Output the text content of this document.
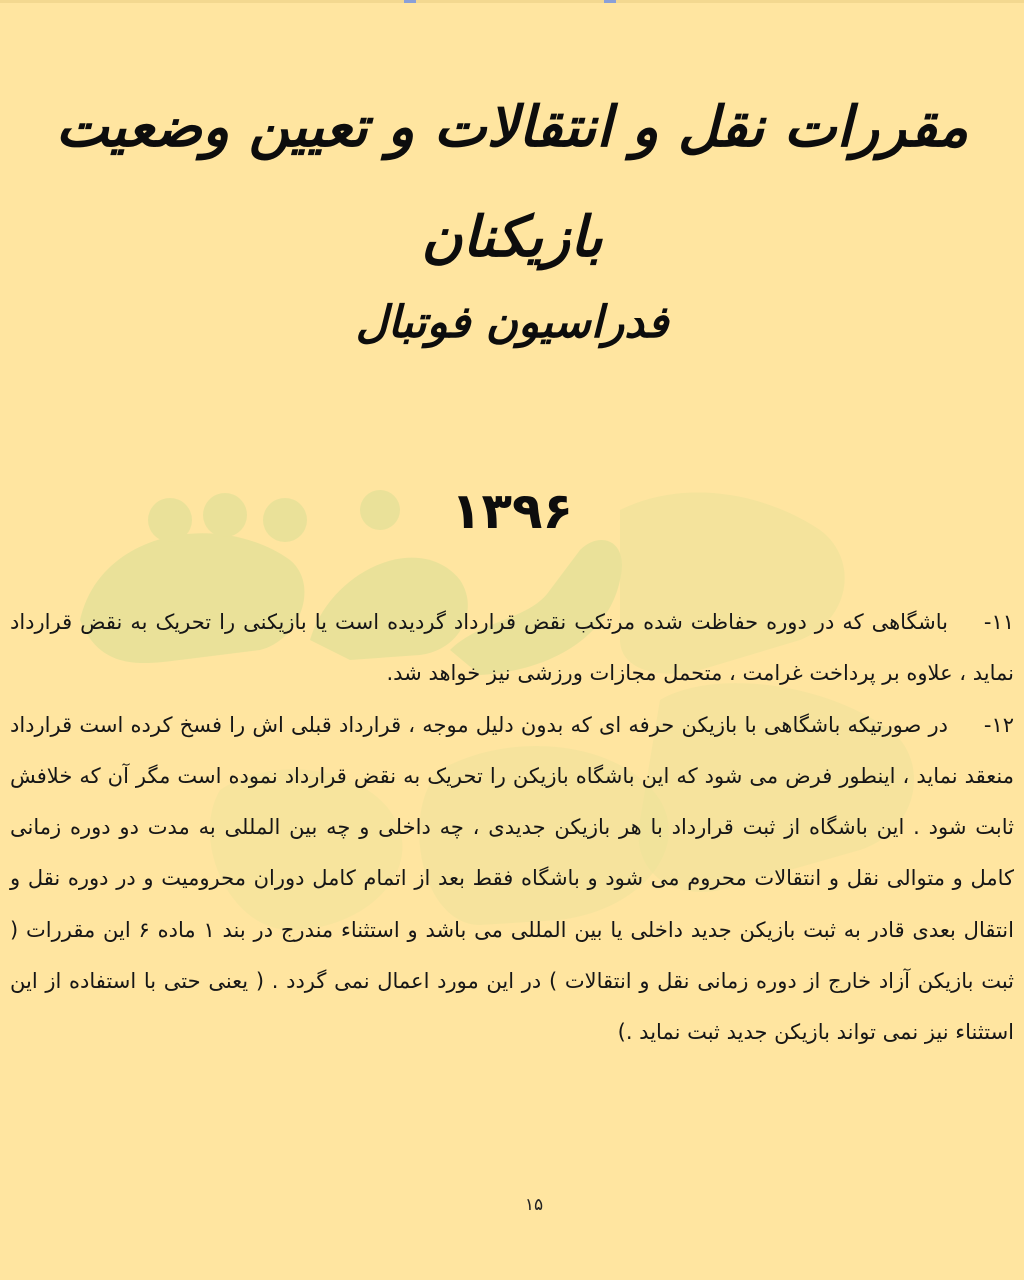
مقررات نقل و انتقالات و تعیین وضعیت بازیکنان
فدراسیون فوتبال
۱۳۹۶

۱۱-باشگاهی که در دوره حفاظت شده مرتکب نقض قرارداد گردیده است یا بازیکنی را تحریک به نقض قرارداد نماید ، علاوه بر پرداخت غرامت ، متحمل مجازات ورزشی نیز خواهد شد.

۱۲-در صورتیکه باشگاهی با بازیکن حرفه ای که بدون دلیل موجه ، قرارداد قبلی اش را فسخ کرده است قرارداد منعقد نماید ، اینطور فرض می شود که این باشگاه بازیکن را تحریک به نقض قرارداد نموده است مگر آن که خلافش ثابت شود . این باشگاه از ثبت قرارداد با هر بازیکن جدیدی ، چه داخلی و چه بین المللی به مدت دو دوره زمانی کامل و متوالی نقل و انتقالات محروم می شود و باشگاه فقط بعد از اتمام کامل دوران محرومیت و در دوره نقل و انتقال بعدی قادر به ثبت بازیکن جدید داخلی یا بین المللی می باشد و استثناء مندرج در بند ۱ ماده ۶ این مقررات ( ثبت بازیکن آزاد خارج از دوره زمانی نقل و انتقالات ) در این مورد اعمال نمی گردد . ( یعنی حتی با استفاده از این استثناء نیز نمی تواند بازیکن جدید ثبت نماید .)

۱۵
